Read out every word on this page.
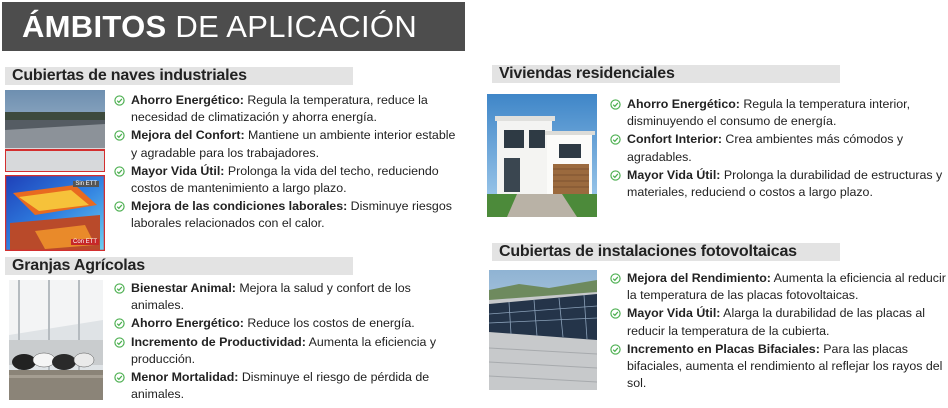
ÁMBITOS DE APLICACIÓN
Cubiertas de naves industriales
Sin ETT
Con ETT
Ahorro Energético: Regula la temperatura, reduce la necesidad de climatización y ahorra energía.
Mejora del Confort: Mantiene un ambiente interior estable y agradable para los trabajadores.
Mayor Vida Útil: Prolonga la vida del techo, reduciendo costos de mantenimiento a largo plazo.
Mejora de las condiciones laborales: Disminuye riesgos laborales relacionados con el calor.
Granjas Agrícolas
Bienestar Animal: Mejora la salud y confort de los animales.
Ahorro Energético: Reduce los costos de energía.
Incremento de Productividad: Aumenta la eficiencia y producción.
Menor Mortalidad: Disminuye el riesgo de pérdida de animales.
Viviendas residenciales
Ahorro Energético: Regula la temperatura interior, disminuyendo el consumo de energía.
Confort Interior: Crea ambientes más cómodos y agradables.
Mayor Vida Útil: Prolonga la durabilidad de estructuras y materiales, reduciend o costos a largo plazo.
Cubiertas de instalaciones fotovoltaicas
Mejora del Rendimiento: Aumenta la eficiencia al reducir la temperatura de las placas fotovoltaicas.
Mayor Vida Útil: Alarga la durabilidad de las placas al reducir la temperatura de la cubierta.
Incremento en Placas Bifaciales: Para las placas bifaciales, aumenta el rendimiento al reflejar los rayos del sol.
